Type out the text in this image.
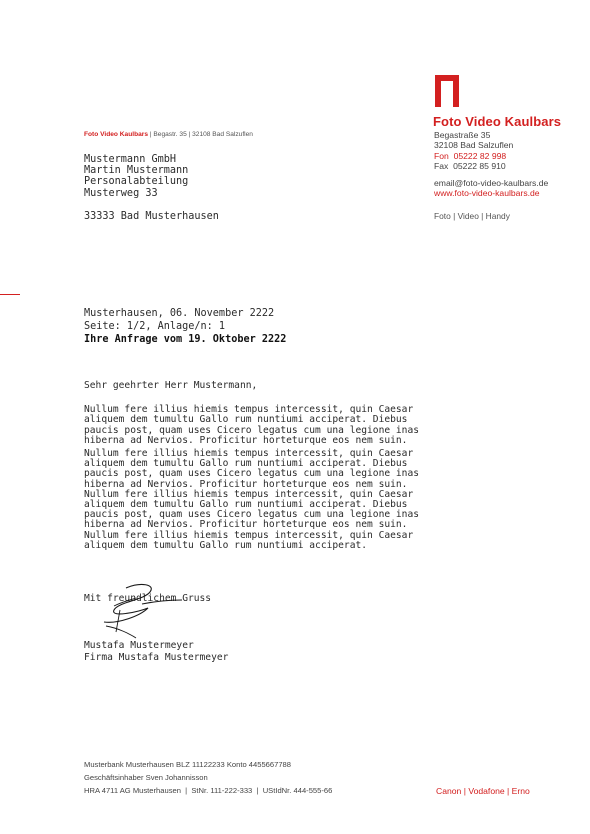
Foto Video Kaulbars
Begastraße 35
32108 Bad Salzuflen
Fon 05222 82 998
Fax 05222 85 910
email@foto-video-kaulbars.de
www.foto-video-kaulbars.de
Foto | Video | Handy
Foto Video Kaulbars | Begastr. 35 | 32108 Bad Salzuflen
Mustermann GmbH
Martin Mustermann
Personalabteilung
Musterweg 33
33333 Bad Musterhausen
Musterhausen, 06. November 2222
Seite: 1/2, Anlage/n: 1
Ihre Anfrage vom 19. Oktober 2222

Sehr geehrter Herr Mustermann,

Nullum fere illius hiemis tempus intercessit, quin Caesar aliquem dem tumultu Gallo rum nuntiumi acciperat. Diebus paucis post, quam uses Cicero legatus cum una legione inas hiberna ad Nervios. Proficitur horteturque eos nem suin.

Nullum fere illius hiemis tempus intercessit, quin Caesar aliquem dem tumultu Gallo rum nuntiumi acciperat. Diebus paucis post, quam uses Cicero legatus cum una legione inas hiberna ad Nervios. Proficitur horteturque eos nem suin. Nullum fere illius hiemis tempus intercessit, quin Caesar aliquem dem tumultu Gallo rum nuntiumi acciperat. Diebus paucis post, quam uses Cicero legatus cum una legione inas hiberna ad Nervios. Proficitur horteturque eos nem suin. Nullum fere illius hiemis tempus intercessit, quin Caesar aliquem dem tumultu Gallo rum nuntiumi acciperat.

Mit freundlichem Gruss
Mustafa Mustermeyer
Firma Mustafa Mustermeyer
Musterbank Musterhausen BLZ 11122233 Konto 4455667788
Geschäftsinhaber Sven Johannisson
HRA 4711 AG Musterhausen  |  StNr. 111-222-333  |  UStIdNr. 444-555-66	Canon | Vodafone | Erno
